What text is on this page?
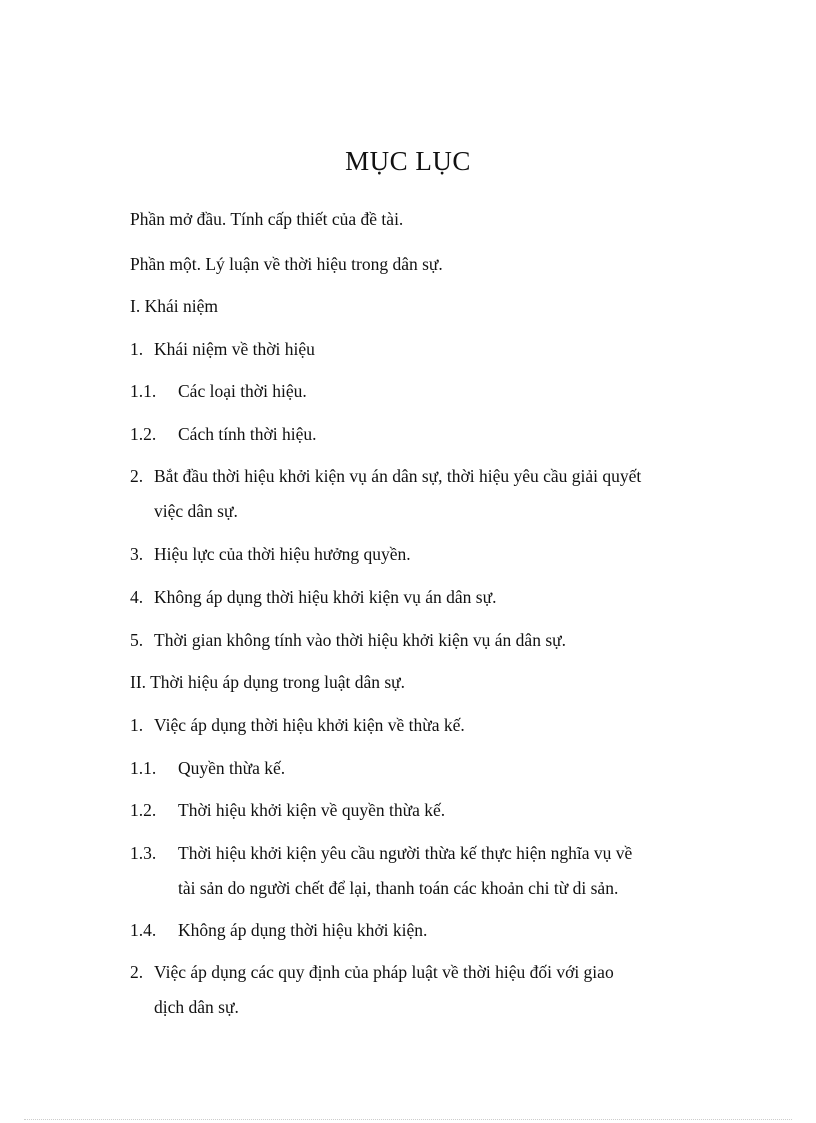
MỤC LỤC
Phần mở đầu. Tính cấp thiết của đề tài.
Phần một. Lý luận về thời hiệu trong dân sự.
I. Khái niệm
1. Khái niệm về thời hiệu
1.1. Các loại thời hiệu.
1.2. Cách tính thời hiệu.
2. Bắt đầu thời hiệu khởi kiện vụ án dân sự, thời hiệu yêu cầu giải quyết
việc dân sự.
3. Hiệu lực của thời hiệu hưởng quyền.
4. Không áp dụng thời hiệu khởi kiện vụ án dân sự.
5. Thời gian không tính vào thời hiệu khởi kiện vụ án dân sự.
II. Thời hiệu áp dụng trong luật dân sự.
1. Việc áp dụng thời hiệu khởi kiện về thừa kế.
1.1. Quyền thừa kế.
1.2. Thời hiệu khởi kiện về quyền thừa kế.
1.3. Thời hiệu khởi kiện yêu cầu người thừa kế thực hiện nghĩa vụ về
tài sản do người chết để lại, thanh toán các khoản chi từ di sản.
1.4. Không áp dụng thời hiệu khởi kiện.
2. Việc áp dụng các quy định của pháp luật về thời hiệu đối với giao
dịch dân sự.
